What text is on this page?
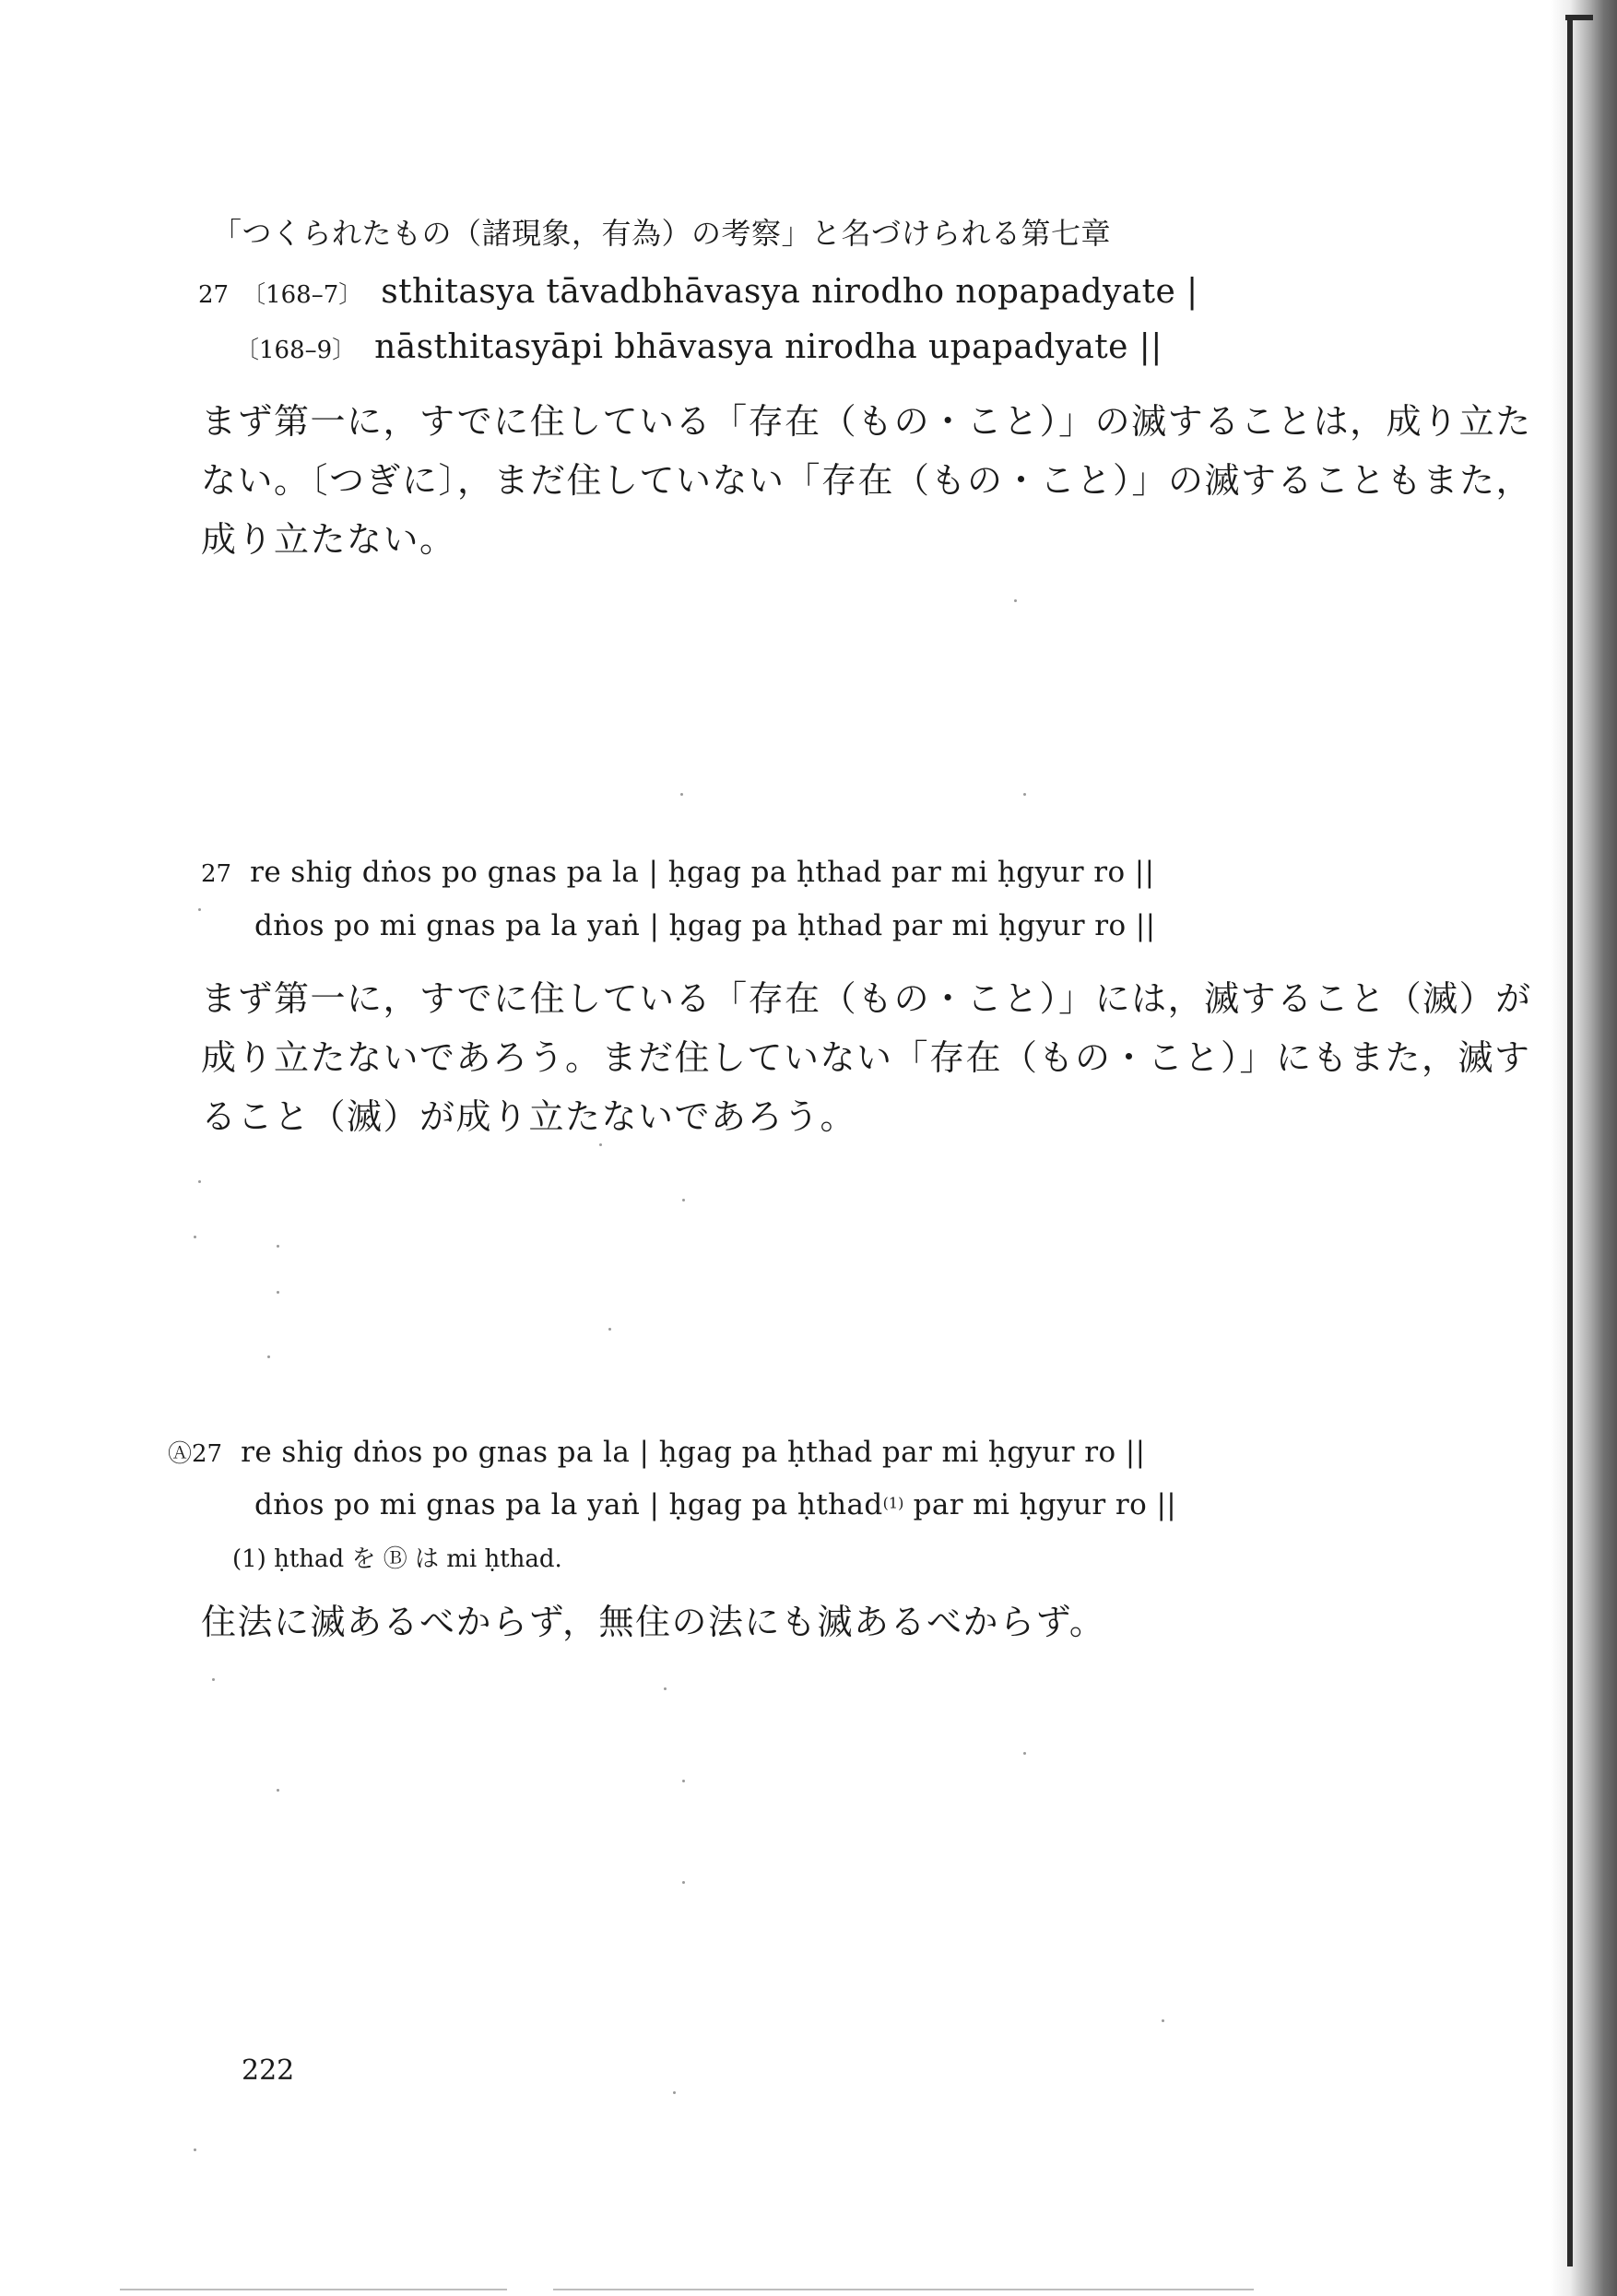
「つくられたもの（諸現象，有為）の考察」と名づけられる第七章
27 〔168–7〕 sthitasya tāvadbhāvasya nirodho nopapadyate |
〔168–9〕 nāsthitasyāpi bhāvasya nirodha upapadyate ||
まず第一に，すでに住している「存在（もの・こと）」の滅することは，成り立た
ない。〔つぎに〕，まだ住していない「存在（もの・こと）」の滅することもまた，
成り立たない。
27 re shig dṅos po gnas pa la | ḥgag pa ḥthad par mi ḥgyur ro ||
dṅos po mi gnas pa la yaṅ | ḥgag pa ḥthad par mi ḥgyur ro ||
まず第一に，すでに住している「存在（もの・こと）」には，滅すること（滅）が
成り立たないであろう。まだ住していない「存在（もの・こと）」にもまた，滅す
ること（滅）が成り立たないであろう。
Ⓐ27 re shig dṅos po gnas pa la | ḥgag pa ḥthad par mi ḥgyur ro ||
dṅos po mi gnas pa la yaṅ | ḥgag pa ḥthad$^{(1)}$ par mi ḥgyur ro ||
(1) ḥthad を Ⓑ は mi ḥthad.
住法に滅あるべからず，無住の法にも滅あるべからず。
222
